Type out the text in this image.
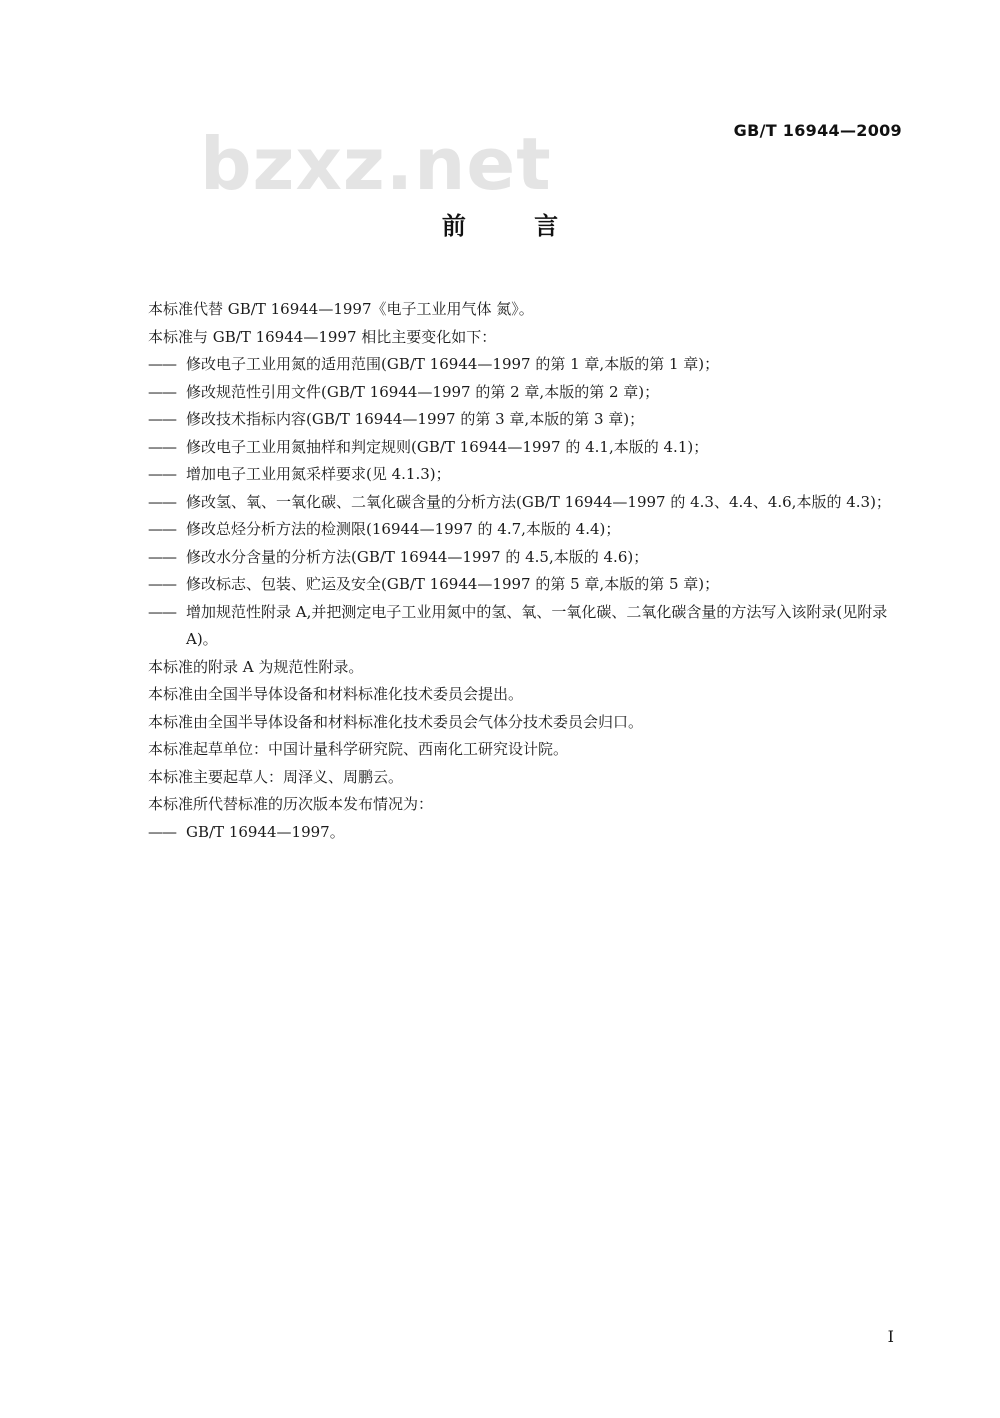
GB/T 16944—2009
bzxz.net
前 言

本标准代替 GB/T 16944—1997《电子工业用气体 氮》。

本标准与 GB/T 16944—1997 相比主要变化如下：

—— 修改电子工业用氮的适用范围(GB/T 16944—1997 的第 1 章,本版的第 1 章)；
—— 修改规范性引用文件(GB/T 16944—1997 的第 2 章,本版的第 2 章)；
—— 修改技术指标内容(GB/T 16944—1997 的第 3 章,本版的第 3 章)；
—— 修改电子工业用氮抽样和判定规则(GB/T 16944—1997 的 4.1,本版的 4.1)；
—— 增加电子工业用氮采样要求(见 4.1.3)；
—— 修改氢、氧、一氧化碳、二氧化碳含量的分析方法(GB/T 16944—1997 的 4.3、4.4、4.6,本版的 4.3)；
—— 修改总烃分析方法的检测限(16944—1997 的 4.7,本版的 4.4)；
—— 修改水分含量的分析方法(GB/T 16944—1997 的 4.5,本版的 4.6)；
—— 修改标志、包装、贮运及安全(GB/T 16944—1997 的第 5 章,本版的第 5 章)；
—— 增加规范性附录 A,并把测定电子工业用氮中的氢、氧、一氧化碳、二氧化碳含量的方法写入该附录(见附录 A)。

本标准的附录 A 为规范性附录。

本标准由全国半导体设备和材料标准化技术委员会提出。

本标准由全国半导体设备和材料标准化技术委员会气体分技术委员会归口。

本标准起草单位：中国计量科学研究院、西南化工研究设计院。

本标准主要起草人：周泽义、周鹏云。

本标准所代替标准的历次版本发布情况为：

—— GB/T 16944—1997。
I
